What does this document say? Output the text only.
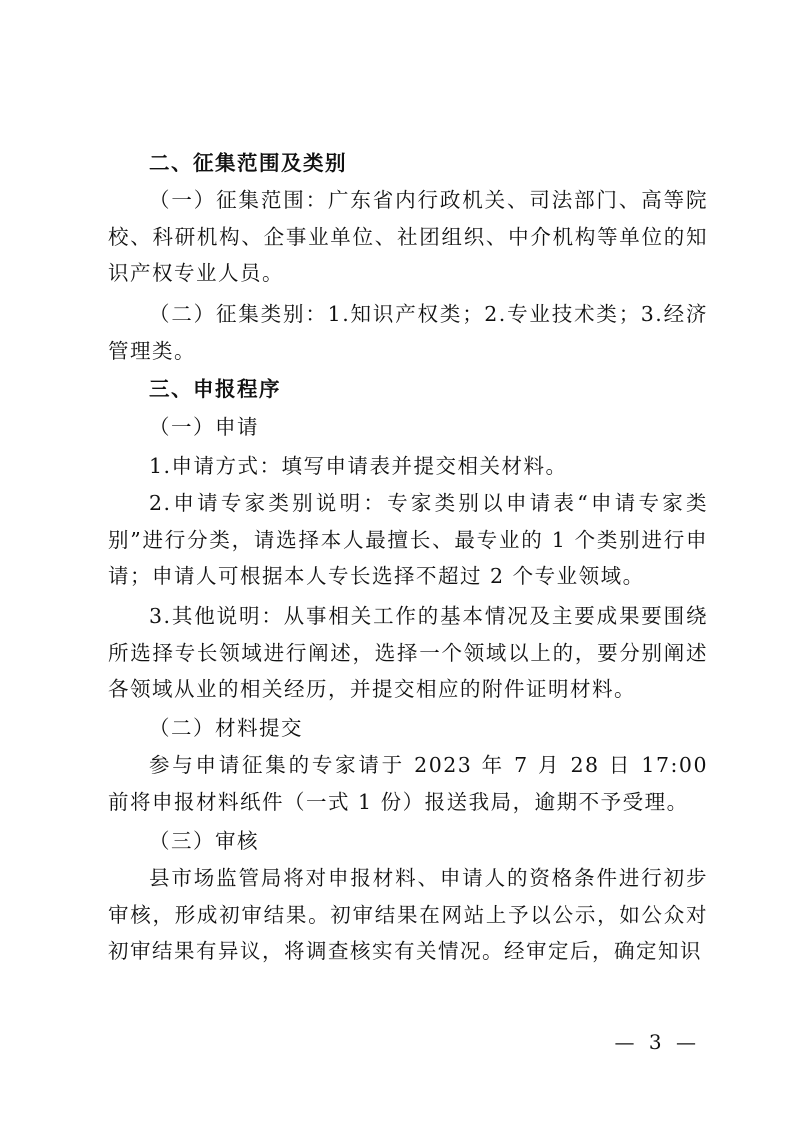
二、征集范围及类别

（一）征集范围：广东省内行政机关、司法部门、高等院校、科研机构、企事业单位、社团组织、中介机构等单位的知识产权专业人员。

（二）征集类别：1.知识产权类；2.专业技术类；3.经济管理类。

三、申报程序

（一）申请

1.申请方式：填写申请表并提交相关材料。

2.申请专家类别说明：专家类别以申请表“申请专家类别”进行分类，请选择本人最擅长、最专业的 1 个类别进行申请；申请人可根据本人专长选择不超过 2 个专业领域。

3.其他说明：从事相关工作的基本情况及主要成果要围绕所选择专长领域进行阐述，选择一个领域以上的，要分别阐述各领域从业的相关经历，并提交相应的附件证明材料。

（二）材料提交

参与申请征集的专家请于 2023 年 7 月 28 日 17:00 前将申报材料纸件（一式 1 份）报送我局，逾期不予受理。

（三）审核

县市场监管局将对申报材料、申请人的资格条件进行初步审核，形成初审结果。初审结果在网站上予以公示，如公众对初审结果有异议，将调查核实有关情况。经审定后，确定知识

— 3 —
